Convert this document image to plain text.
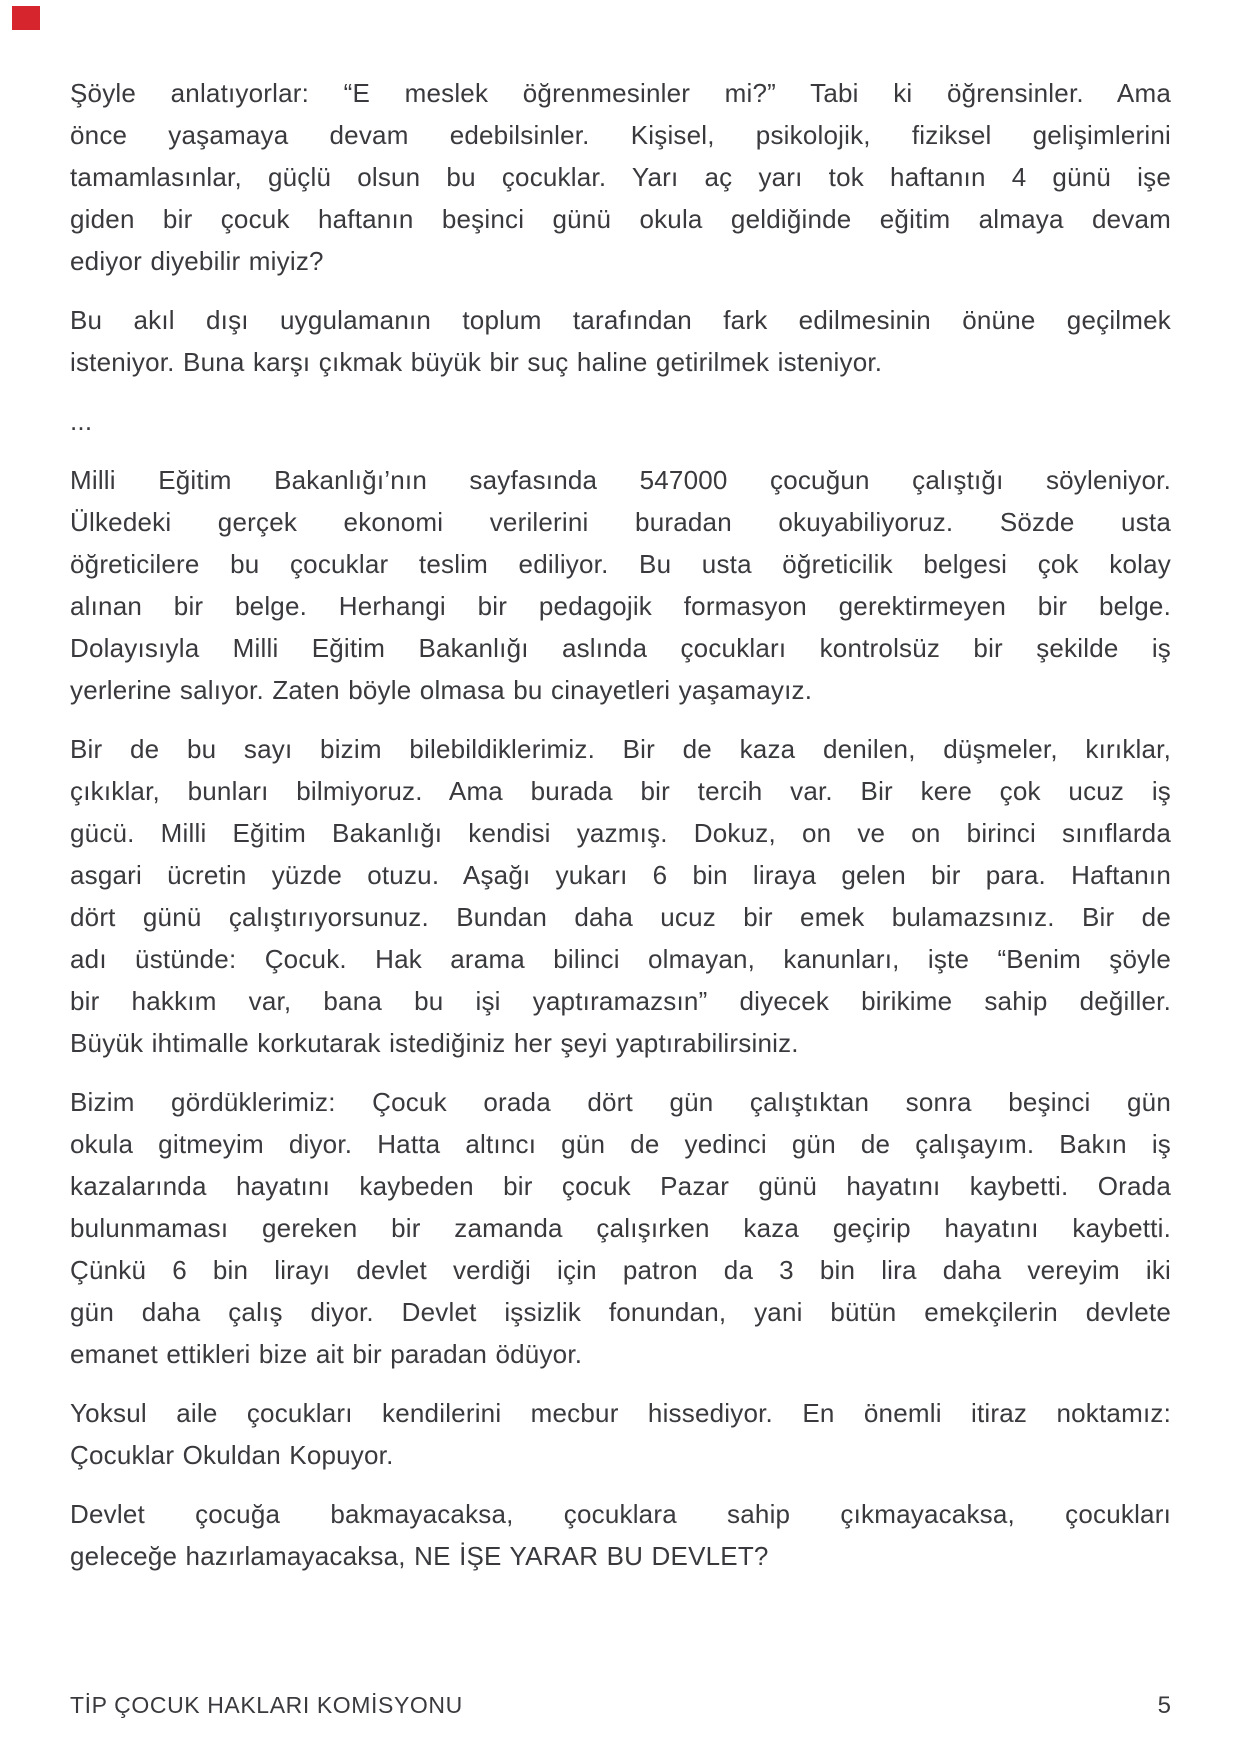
Şöyle anlatıyorlar: “E meslek öğrenmesinler mi?” Tabi ki öğrensinler. Ama
önce yaşamaya devam edebilsinler. Kişisel, psikolojik, fiziksel gelişimlerini
tamamlasınlar, güçlü olsun bu çocuklar. Yarı aç yarı tok haftanın 4 günü işe
giden bir çocuk haftanın beşinci günü okula geldiğinde eğitim almaya devam
ediyor diyebilir miyiz?

Bu akıl dışı uygulamanın toplum tarafından fark edilmesinin önüne geçilmek
isteniyor. Buna karşı çıkmak büyük bir suç haline getirilmek isteniyor.

...

Milli Eğitim Bakanlığı’nın sayfasında 547000 çocuğun çalıştığı söyleniyor.
Ülkedeki gerçek ekonomi verilerini buradan okuyabiliyoruz. Sözde usta
öğreticilere bu çocuklar teslim ediliyor. Bu usta öğreticilik belgesi çok kolay
alınan bir belge. Herhangi bir pedagojik formasyon gerektirmeyen bir belge.
Dolayısıyla Milli Eğitim Bakanlığı aslında çocukları kontrolsüz bir şekilde iş
yerlerine salıyor. Zaten böyle olmasa bu cinayetleri yaşamayız.

Bir de bu sayı bizim bilebildiklerimiz. Bir de kaza denilen, düşmeler, kırıklar,
çıkıklar, bunları bilmiyoruz. Ama burada bir tercih var. Bir kere çok ucuz iş
gücü. Milli Eğitim Bakanlığı kendisi yazmış. Dokuz, on ve on birinci sınıflarda
asgari ücretin yüzde otuzu. Aşağı yukarı 6 bin liraya gelen bir para. Haftanın
dört günü çalıştırıyorsunuz. Bundan daha ucuz bir emek bulamazsınız. Bir de
adı üstünde: Çocuk. Hak arama bilinci olmayan, kanunları, işte “Benim şöyle
bir hakkım var, bana bu işi yaptıramazsın” diyecek birikime sahip değiller.
Büyük ihtimalle korkutarak istediğiniz her şeyi yaptırabilirsiniz.

Bizim gördüklerimiz: Çocuk orada dört gün çalıştıktan sonra beşinci gün
okula gitmeyim diyor. Hatta altıncı gün de yedinci gün de çalışayım. Bakın iş
kazalarında hayatını kaybeden bir çocuk Pazar günü hayatını kaybetti. Orada
bulunmaması gereken bir zamanda çalışırken kaza geçirip hayatını kaybetti.
Çünkü 6 bin lirayı devlet verdiği için patron da 3 bin lira daha vereyim iki
gün daha çalış diyor. Devlet işsizlik fonundan, yani bütün emekçilerin devlete
emanet ettikleri bize ait bir paradan ödüyor.

Yoksul aile çocukları kendilerini mecbur hissediyor. En önemli itiraz noktamız:
Çocuklar Okuldan Kopuyor.

Devlet çocuğa bakmayacaksa, çocuklara sahip çıkmayacaksa, çocukları
geleceğe hazırlamayacaksa, NE İŞE YARAR BU DEVLET?

TİP ÇOCUK HAKLARI KOMİSYONU	5
